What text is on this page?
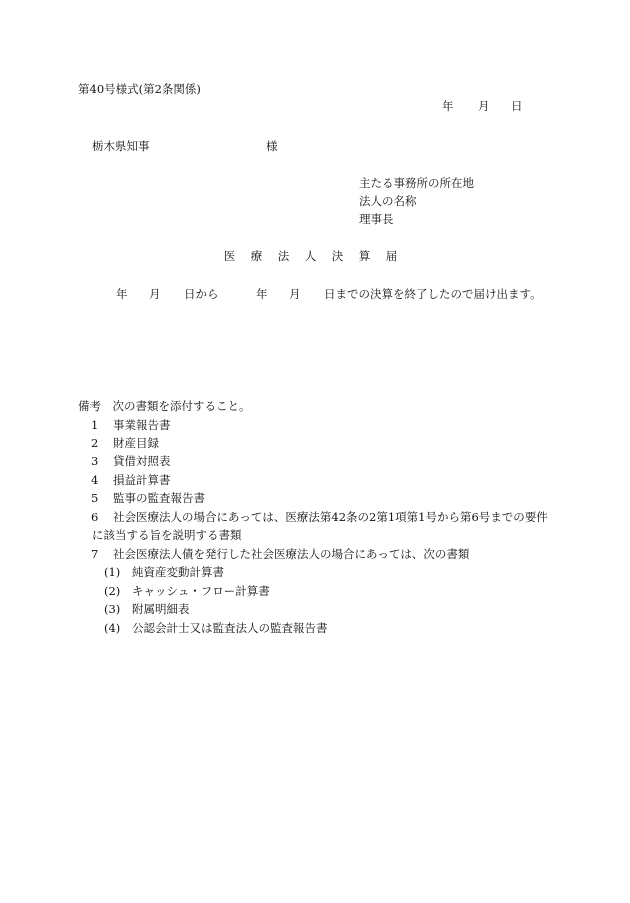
第40号様式(第2条関係)
年 月 日
栃木県知事	様
主たる事務所の所在地
法人の名称
理事長
医 療 法 人 決 算 届
年 月 日から	年 月 日までの決算を終了したので届け出ます。
備考　次の書類を添付すること。
1 事業報告書
2 財産目録
3 貸借対照表
4 損益計算書
5 監事の監査報告書
6 社会医療法人の場合にあっては、医療法第42条の2第1項第1号から第6号までの要件
に該当する旨を説明する書類
7 社会医療法人債を発行した社会医療法人の場合にあっては、次の書類
(1) 純資産変動計算書
(2) キャッシュ・フロー計算書
(3) 附属明細表
(4) 公認会計士又は監査法人の監査報告書
